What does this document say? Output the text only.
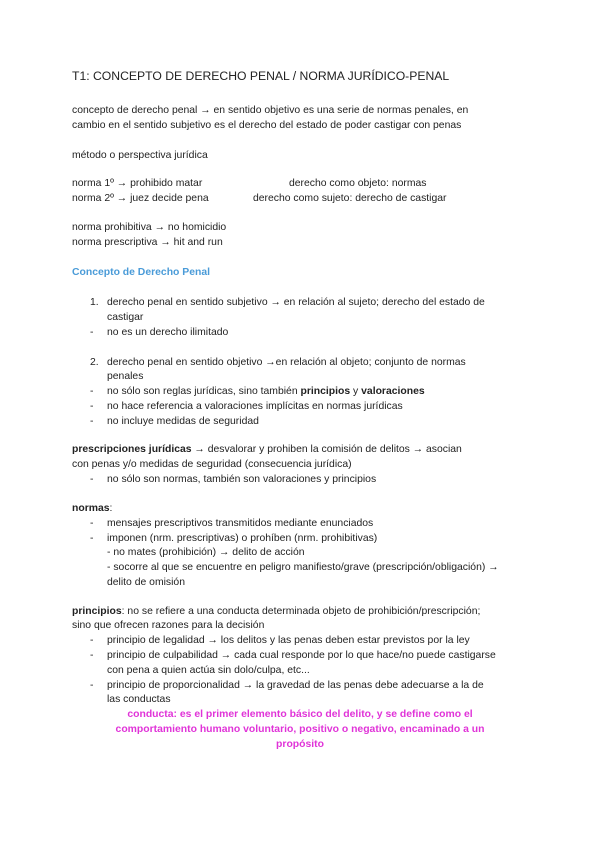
T1: CONCEPTO DE DERECHO PENAL / NORMA JURÍDICO-PENAL
concepto de derecho penal → en sentido objetivo es una serie de normas penales, en
cambio en el sentido subjetivo es el derecho del estado de poder castigar con penas
método o perspectiva jurídica
norma 1º → prohibido matar	derecho como objeto: normas
norma 2º → juez decide pena	derecho como sujeto: derecho de castigar
norma prohibitiva → no homicidio
norma prescriptiva → hit and run
Concepto de Derecho Penal
1. derecho penal en sentido subjetivo → en relación al sujeto; derecho del estado de
castigar
- no es un derecho ilimitado
2. derecho penal en sentido objetivo →en relación al objeto; conjunto de normas
penales
- no sólo son reglas jurídicas, sino también principios y valoraciones
- no hace referencia a valoraciones implícitas en normas jurídicas
- no incluye medidas de seguridad
prescripciones jurídicas → desvalorar y prohiben la comisión de delitos → asocian
con penas y/o medidas de seguridad (consecuencia jurídica)
- no sólo son normas, también son valoraciones y principios
normas:
- mensajes prescriptivos transmitidos mediante enunciados
- imponen (nrm. prescriptivas) o prohíben (nrm. prohibitivas)
- no mates (prohibición) → delito de acción
- socorre al que se encuentre en peligro manifiesto/grave (prescripción/obligación) →
delito de omisión
principios: no se refiere a una conducta determinada objeto de prohibición/prescripción;
sino que ofrecen razones para la decisión
- principio de legalidad → los delitos y las penas deben estar previstos por la ley
- principio de culpabilidad → cada cual responde por lo que hace/no puede castigarse
con pena a quien actúa sin dolo/culpa, etc...
- principio de proporcionalidad → la gravedad de las penas debe adecuarse a la de
las conductas
conducta: es el primer elemento básico del delito, y se define como el
comportamiento humano voluntario, positivo o negativo, encaminado a un
propósito
